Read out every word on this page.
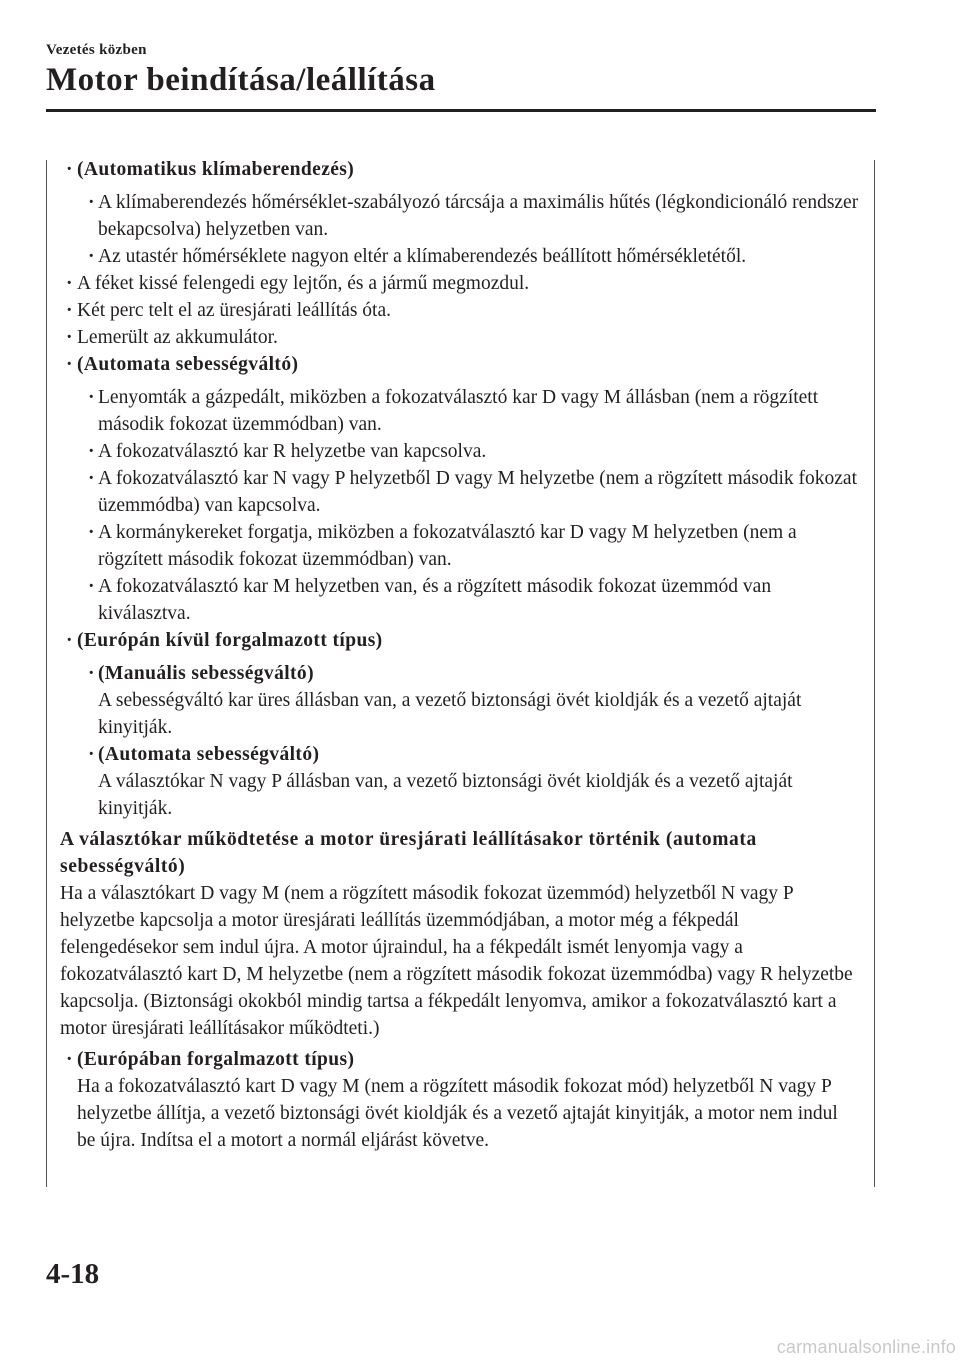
Vezetés közben
Motor beindítása/leállítása
· (Automatikus klímaberendezés)
· A klímaberendezés hőmérséklet-szabályozó tárcsája a maximális hűtés (légkondicionáló rendszer bekapcsolva) helyzetben van.
· Az utastér hőmérséklete nagyon eltér a klímaberendezés beállított hőmérsékletétől.
· A féket kissé felengedi egy lejtőn, és a jármű megmozdul.
· Két perc telt el az üresjárati leállítás óta.
· Lemerült az akkumulátor.
· (Automata sebességváltó)
· Lenyomták a gázpedált, miközben a fokozatválasztó kar D vagy M állásban (nem a rögzített második fokozat üzemmódban) van.
· A fokozatválasztó kar R helyzetbe van kapcsolva.
· A fokozatválasztó kar N vagy P helyzetből D vagy M helyzetbe (nem a rögzített második fokozat üzemmódba) van kapcsolva.
· A kormánykereket forgatja, miközben a fokozatválasztó kar D vagy M helyzetben (nem a rögzített második fokozat üzemmódban) van.
· A fokozatválasztó kar M helyzetben van, és a rögzített második fokozat üzemmód van kiválasztva.
· (Európán kívül forgalmazott típus)
· (Manuális sebességváltó)
A sebességváltó kar üres állásban van, a vezető biztonsági övét kioldják és a vezető ajtaját kinyitják.
· (Automata sebességváltó)
A választókar N vagy P állásban van, a vezető biztonsági övét kioldják és a vezető ajtaját kinyitják.

A választókar működtetése a motor üresjárati leállításakor történik (automata sebességváltó)

Ha a választókart D vagy M (nem a rögzített második fokozat üzemmód) helyzetből N vagy P helyzetbe kapcsolja a motor üresjárati leállítás üzemmódjában, a motor még a fékpedál felengedésekor sem indul újra. A motor újraindul, ha a fékpedált ismét lenyomja vagy a fokozatválasztó kart D, M helyzetbe (nem a rögzített második fokozat üzemmódba) vagy R helyzetbe kapcsolja. (Biztonsági okokból mindig tartsa a fékpedált lenyomva, amikor a fokozatválasztó kart a motor üresjárati leállításakor működteti.)

· (Európában forgalmazott típus)
Ha a fokozatválasztó kart D vagy M (nem a rögzített második fokozat mód) helyzetből N vagy P helyzetbe állítja, a vezető biztonsági övét kioldják és a vezető ajtaját kinyitják, a motor nem indul be újra. Indítsa el a motort a normál eljárást követve.
4-18
carmanualsonline.info
